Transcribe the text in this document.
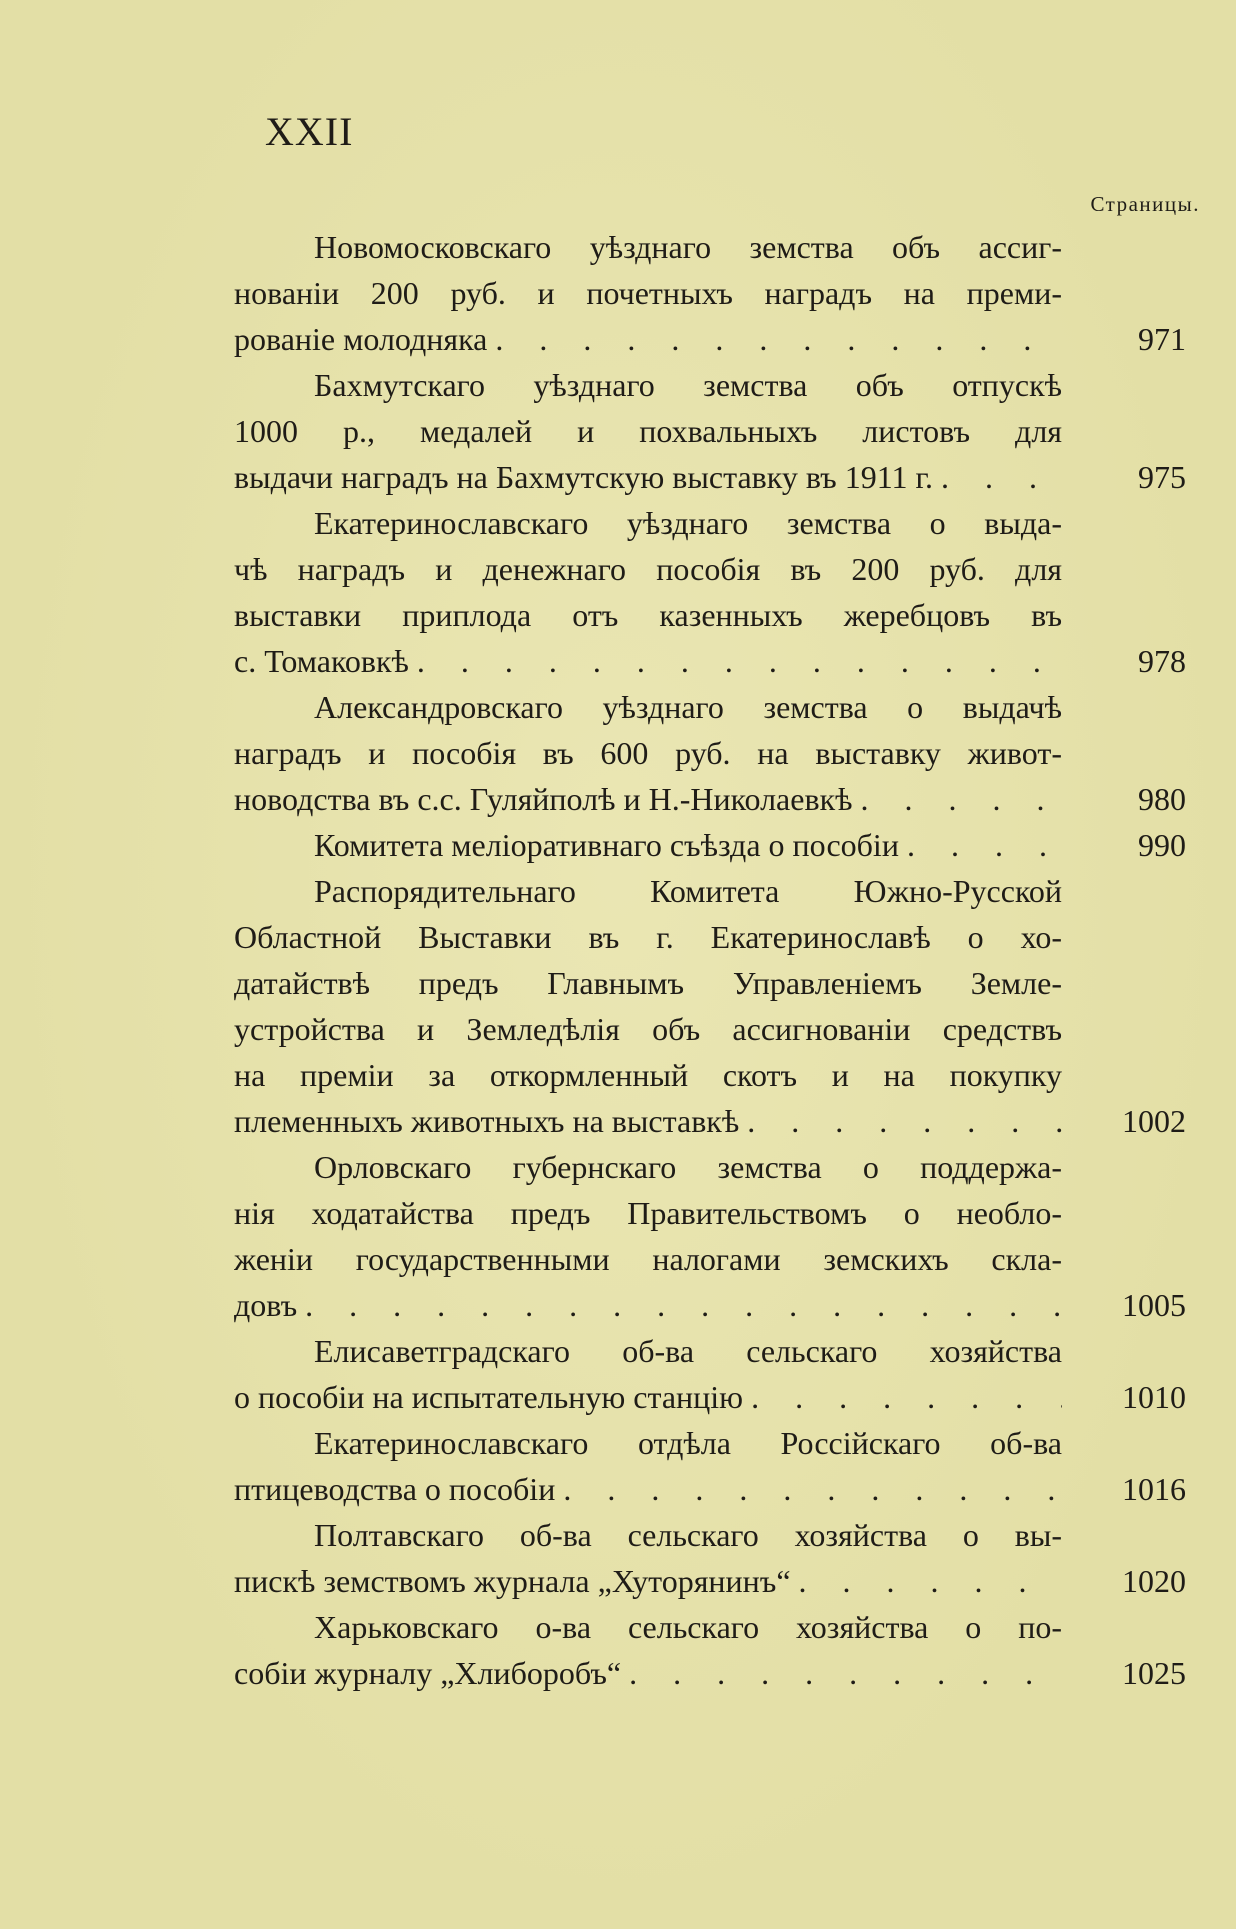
XXII
Страницы.
Новомосковскаго уѣзднаго земства объ ассиг-
нованіи 200 руб. и почетныхъ наградъ на преми-
рованіе молодняка . . .	971
Бахмутскаго уѣзднаго земства объ отпускѣ
1000 р., медалей и похвальныхъ листовъ для
выдачи наградъ на Бахмутскую выставку въ 1911 г. . . .	975
Екатеринославскаго уѣзднаго земства о выда-
чѣ наградъ и денежнаго пособія въ 200 руб. для
выставки приплода отъ казенныхъ жеребцовъ въ
с. Томаковкѣ . . .	978
Александровскаго уѣзднаго земства о выдачѣ
наградъ и пособія въ 600 руб. на выставку живот-
новодства въ с.с. Гуляйполѣ и Н.-Николаевкѣ . . .	980
Комитета меліоративнаго съѣзда о пособіи . . .	990
Распорядительнаго Комитета Южно-Русской
Областной Выставки въ г. Екатеринославѣ о хо-
датайствѣ предъ Главнымъ Управленіемъ Земле-
устройства и Земледѣлія объ ассигнованіи средствъ
на преміи за откормленный скотъ и на покупку
племенныхъ животныхъ на выставкѣ . . .	1002
Орловскаго губернскаго земства о поддержа-
нія ходатайства предъ Правительствомъ о необло-
женіи государственными налогами земскихъ скла-
довъ . . .	1005
Елисаветградскаго об-ва сельскаго хозяйства
о пособіи на испытательную станцію . . .	1010
Екатеринославскаго отдѣла Россійскаго об-ва
птицеводства о пособіи . . .	1016
Полтавскаго об-ва сельскаго хозяйства о вы-
пискѣ земствомъ журнала „Хуторянинъ“ . . .	1020
Харьковскаго о-ва сельскаго хозяйства о по-
собіи журналу „Хлиборобъ“ . . .	1025
